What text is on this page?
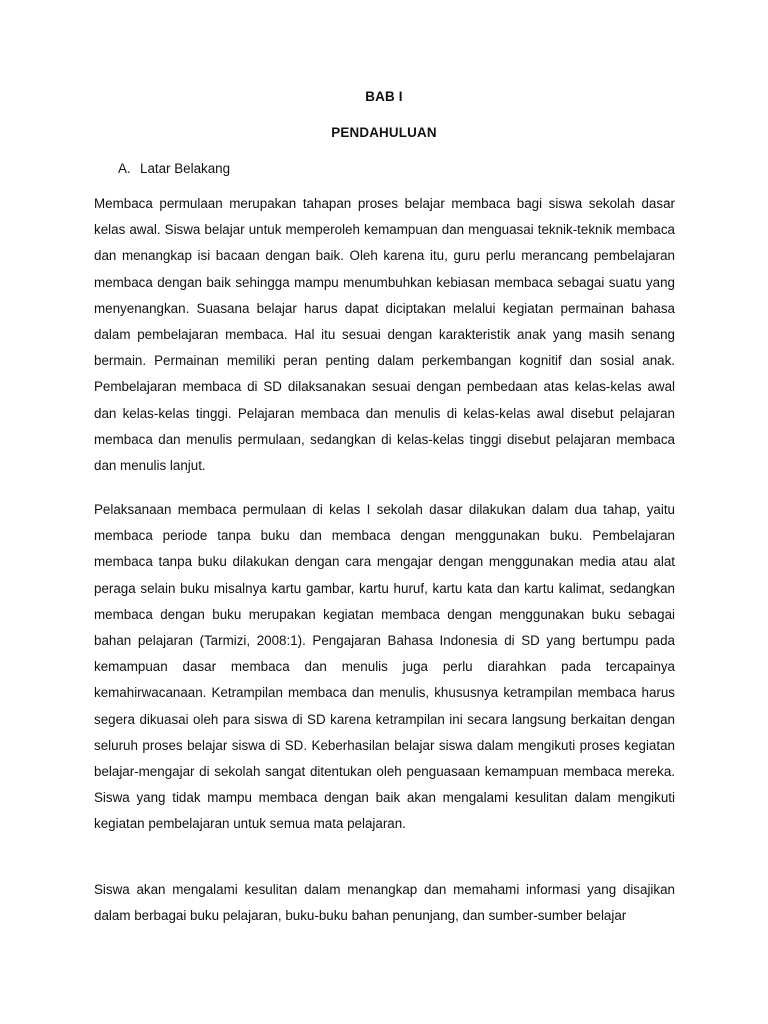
BAB I
PENDAHULUAN
A. Latar Belakang

Membaca permulaan merupakan tahapan proses belajar membaca bagi siswa sekolah dasar kelas awal. Siswa belajar untuk memperoleh kemampuan dan menguasai teknik-teknik membaca dan menangkap isi bacaan dengan baik. Oleh karena itu, guru perlu merancang pembelajaran membaca dengan baik sehingga mampu menumbuhkan kebiasan membaca sebagai suatu yang menyenangkan. Suasana belajar harus dapat diciptakan melalui kegiatan permainan bahasa dalam pembelajaran membaca. Hal itu sesuai dengan karakteristik anak yang masih senang bermain. Permainan memiliki peran penting dalam perkembangan kognitif dan sosial anak. Pembelajaran membaca di SD dilaksanakan sesuai dengan pembedaan atas kelas-kelas awal dan kelas-kelas tinggi. Pelajaran membaca dan menulis di kelas-kelas awal disebut pelajaran membaca dan menulis permulaan, sedangkan di kelas-kelas tinggi disebut pelajaran membaca dan menulis lanjut.

Pelaksanaan membaca permulaan di kelas I sekolah dasar dilakukan dalam dua tahap, yaitu membaca periode tanpa buku dan membaca dengan menggunakan buku. Pembelajaran membaca tanpa buku dilakukan dengan cara mengajar dengan menggunakan media atau alat peraga selain buku misalnya kartu gambar, kartu huruf, kartu kata dan kartu kalimat, sedangkan membaca dengan buku merupakan kegiatan membaca dengan menggunakan buku sebagai bahan pelajaran (Tarmizi, 2008:1). Pengajaran Bahasa Indonesia di SD yang bertumpu pada kemampuan dasar membaca dan menulis juga perlu diarahkan pada tercapainya kemahirwacanaan. Ketrampilan membaca dan menulis, khususnya ketrampilan membaca harus segera dikuasai oleh para siswa di SD karena ketrampilan ini secara langsung berkaitan dengan seluruh proses belajar siswa di SD. Keberhasilan belajar siswa dalam mengikuti proses kegiatan belajar-mengajar di sekolah sangat ditentukan oleh penguasaan kemampuan membaca mereka. Siswa yang tidak mampu membaca dengan baik akan mengalami kesulitan dalam mengikuti kegiatan pembelajaran untuk semua mata pelajaran.

Siswa akan mengalami kesulitan dalam menangkap dan memahami informasi yang disajikan dalam berbagai buku pelajaran, buku-buku bahan penunjang, dan sumber-sumber belajar
